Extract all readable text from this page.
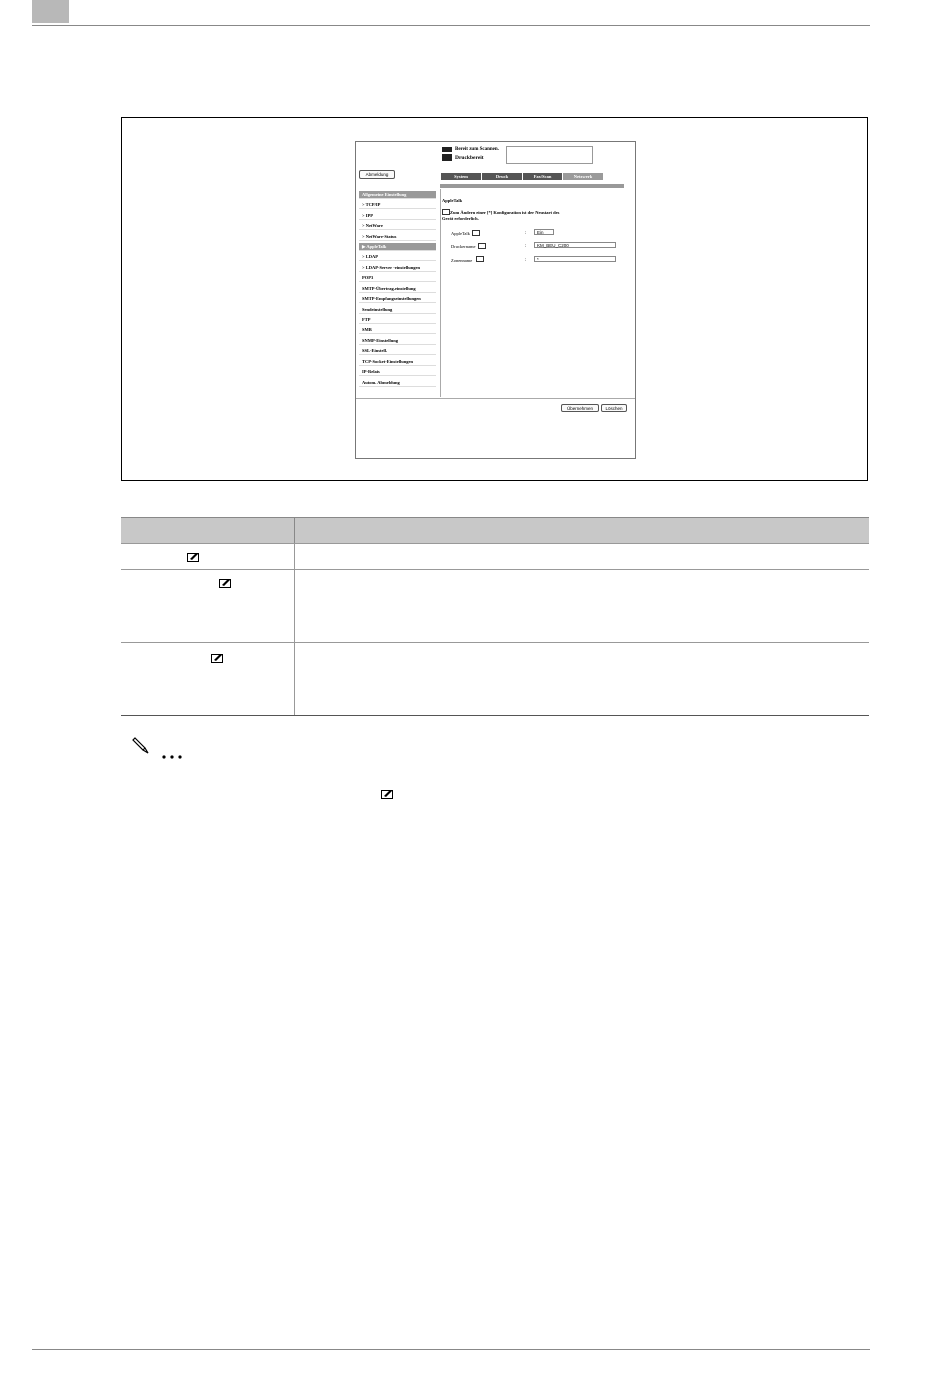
Bereit zum Scannen.
Druckbereit
Abmeldung	System	Druck	Fax/Scan	Netzwerk
Allgemeine Einstellung
> TCP/IP
> IPP
> NetWare
> NetWare-Status
▶ AppleTalk
> LDAP
> LDAP-Server -einstellungen
POP3
SMTP-Übertrag.einstellung
SMTP-Empfangseinstellungen
Sendeinstellung
FTP
SMB
SNMP-Einstellung
SSL-Einstell.
TCP-Socket-Einstellungen
IP-Relais
Autom. Abmeldung
AppleTalk
Zum Ändern einer [*] Konfiguration ist der Neustart des
Gerät erforderlich.
AppleTalk	:	Ein
Druckername	:	KM_BEU_C200
Zonenname	:	*
Übernehmen	Löschen
